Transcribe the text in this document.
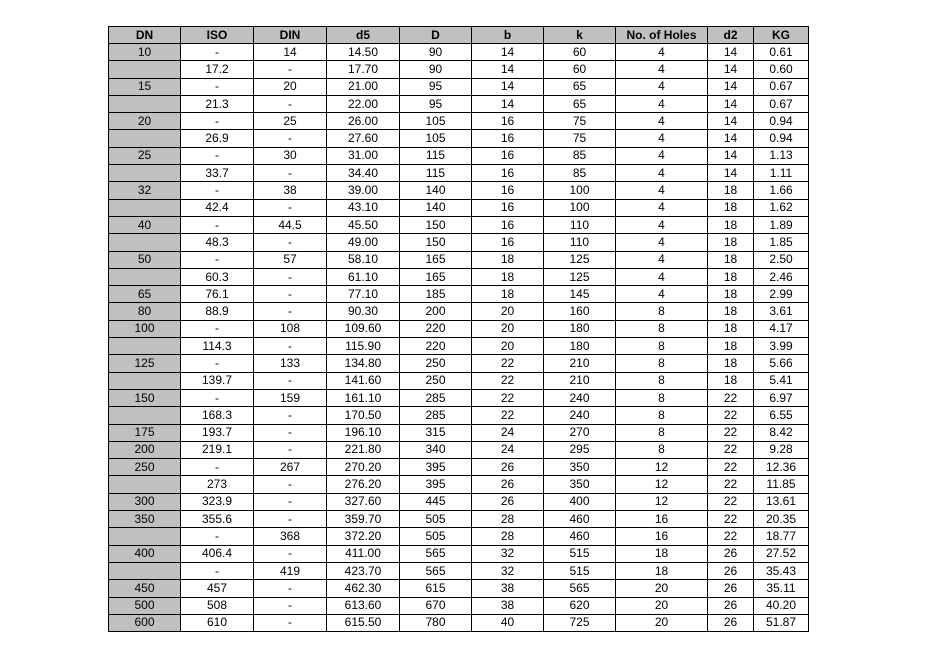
DN	ISO	DIN	d5	D	b	k	No. of Holes	d2	KG
10	-	14	14.50	90	14	60	4	14	0.61
	17.2	-	17.70	90	14	60	4	14	0.60
15	-	20	21.00	95	14	65	4	14	0.67
	21.3	-	22.00	95	14	65	4	14	0.67
20	-	25	26.00	105	16	75	4	14	0.94
	26.9	-	27.60	105	16	75	4	14	0.94
25	-	30	31.00	115	16	85	4	14	1.13
	33.7	-	34.40	115	16	85	4	14	1.11
32	-	38	39.00	140	16	100	4	18	1.66
	42.4	-	43.10	140	16	100	4	18	1.62
40	-	44.5	45.50	150	16	110	4	18	1.89
	48.3	-	49.00	150	16	110	4	18	1.85
50	-	57	58.10	165	18	125	4	18	2.50
	60.3	-	61.10	165	18	125	4	18	2.46
65	76.1	-	77.10	185	18	145	4	18	2.99
80	88.9	-	90.30	200	20	160	8	18	3.61
100	-	108	109.60	220	20	180	8	18	4.17
	114.3	-	115.90	220	20	180	8	18	3.99
125	-	133	134.80	250	22	210	8	18	5.66
	139.7	-	141.60	250	22	210	8	18	5.41
150	-	159	161.10	285	22	240	8	22	6.97
	168.3	-	170.50	285	22	240	8	22	6.55
175	193.7	-	196.10	315	24	270	8	22	8.42
200	219.1	-	221.80	340	24	295	8	22	9.28
250	-	267	270.20	395	26	350	12	22	12.36
	273	-	276.20	395	26	350	12	22	11.85
300	323.9	-	327.60	445	26	400	12	22	13.61
350	355.6	-	359.70	505	28	460	16	22	20.35
	-	368	372.20	505	28	460	16	22	18.77
400	406.4	-	411.00	565	32	515	18	26	27.52
	-	419	423.70	565	32	515	18	26	35.43
450	457	-	462.30	615	38	565	20	26	35.11
500	508	-	613.60	670	38	620	20	26	40.20
600	610	-	615.50	780	40	725	20	26	51.87
